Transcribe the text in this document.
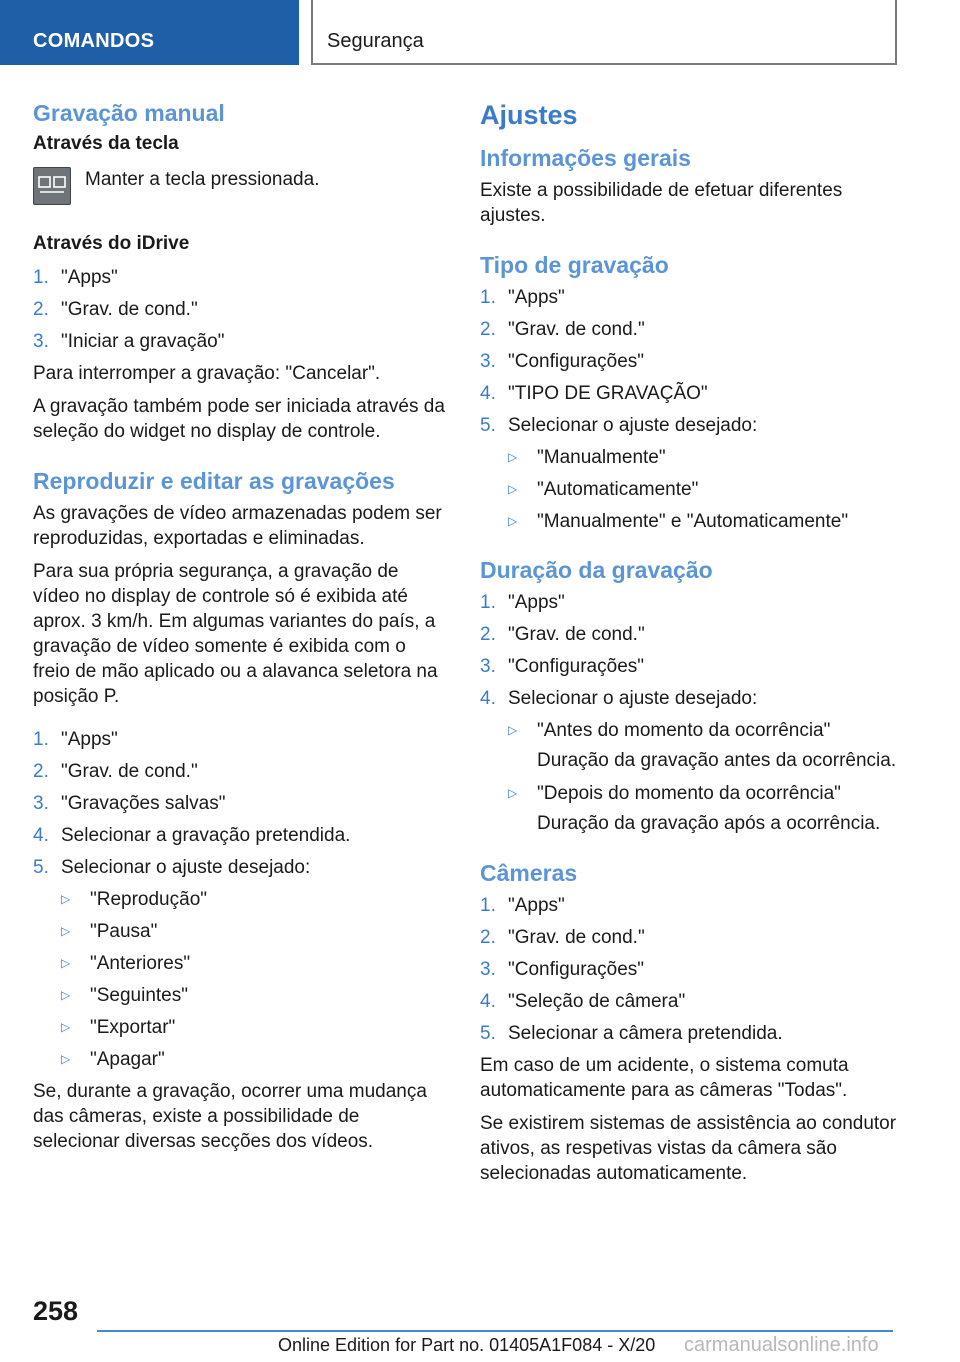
COMANDOS	Segurança
Gravação manual
Através da tecla
Manter a tecla pressionada.
Através do iDrive
1. "Apps"
2. "Grav. de cond."
3. "Iniciar a gravação"

Para interromper a gravação: "Cancelar".

A gravação também pode ser iniciada através da seleção do widget no display de controle.

Reproduzir e editar as gravações

As gravações de vídeo armazenadas podem ser reproduzidas, exportadas e eliminadas.

Para sua própria segurança, a gravação de vídeo no display de controle só é exibida até aprox. 3 km/h. Em algumas variantes do país, a gravação de vídeo somente é exibida com o freio de mão aplicado ou a alavanca seletora na posição P.

1. "Apps"
2. "Grav. de cond."
3. "Gravações salvas"
4. Selecionar a gravação pretendida.
5. Selecionar o ajuste desejado:
▷	"Reprodução"
▷	"Pausa"
▷	"Anteriores"
▷	"Seguintes"
▷	"Exportar"
▷	"Apagar"

Se, durante a gravação, ocorrer uma mudança das câmeras, existe a possibilidade de selecionar diversas secções dos vídeos.

Ajustes
Informações gerais

Existe a possibilidade de efetuar diferentes ajustes.

Tipo de gravação
1. "Apps"
2. "Grav. de cond."
3. "Configurações"
4. "TIPO DE GRAVAÇÃO"
5. Selecionar o ajuste desejado:
▷	"Manualmente"
▷	"Automaticamente"
▷	"Manualmente" e "Automaticamente"
Duração da gravação
1. "Apps"
2. "Grav. de cond."
3. "Configurações"
4. Selecionar o ajuste desejado:
▷	"Antes do momento da ocorrência"
Duração da gravação antes da ocorrência.
▷	"Depois do momento da ocorrência"
Duração da gravação após a ocorrência.
Câmeras
1. "Apps"
2. "Grav. de cond."
3. "Configurações"
4. "Seleção de câmera"
5. Selecionar a câmera pretendida.

Em caso de um acidente, o sistema comuta automaticamente para as câmeras "Todas".

Se existirem sistemas de assistência ao condutor ativos, as respetivas vistas da câmera são selecionadas automaticamente.

258
Online Edition for Part no. 01405A1F084 - X/20 carmanualsonline.info
